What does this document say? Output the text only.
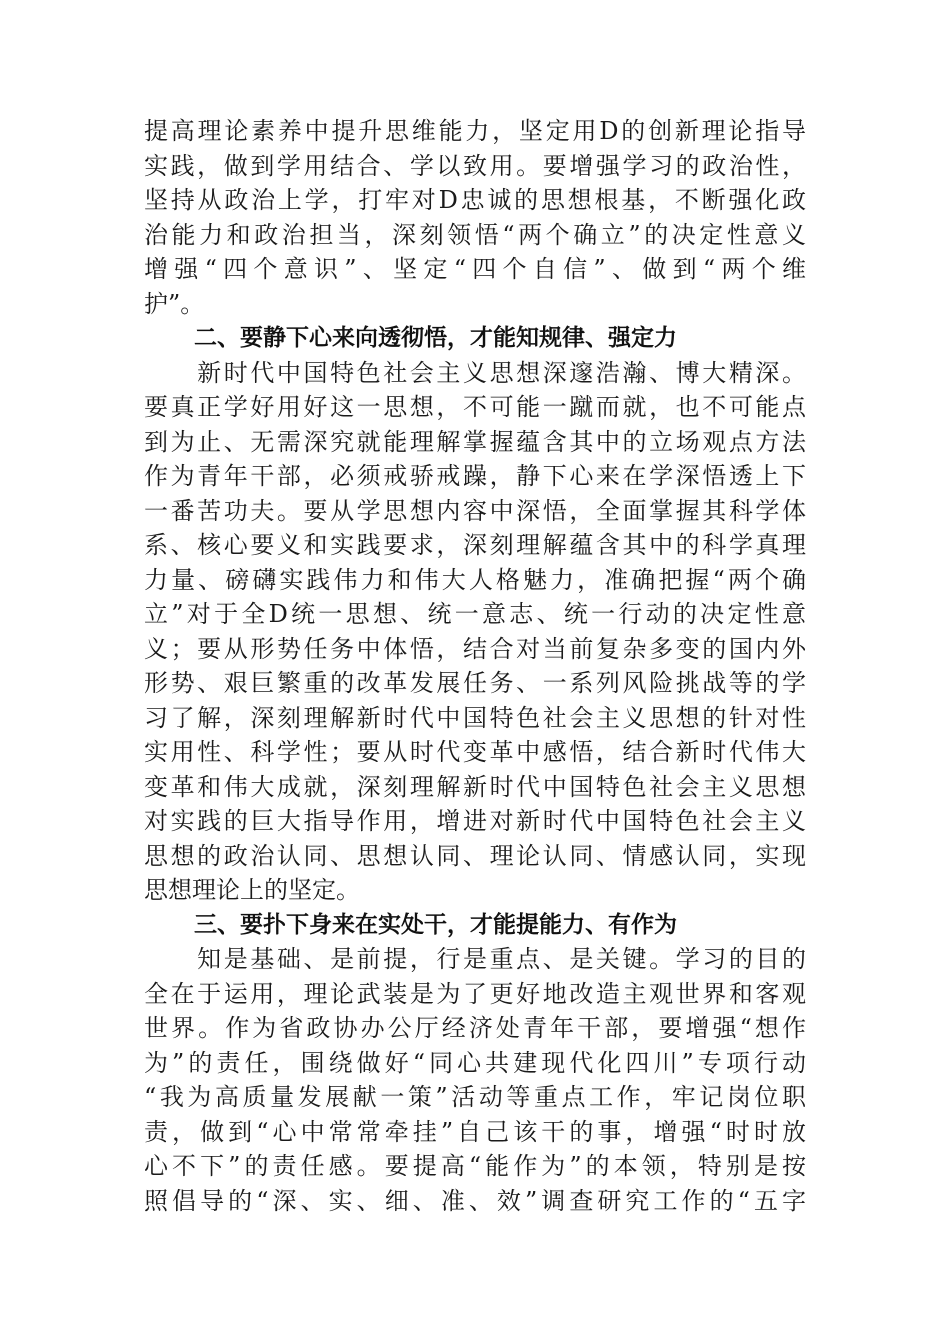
提高理论素养中提升思维能力，坚定用D的创新理论指导
实践，做到学用结合、学以致用。要增强学习的政治性，
坚持从政治上学，打牢对D忠诚的思想根基，不断强化政
治能力和政治担当，深刻领悟“两个确立”的决定性意义
增强“四个意识”、坚定“四个自信”、做到“两个维
护”。
二、要静下心来向透彻悟，才能知规律、强定力
　　新时代中国特色社会主义思想深邃浩瀚、博大精深。
要真正学好用好这一思想，不可能一蹴而就，也不可能点
到为止、无需深究就能理解掌握蕴含其中的立场观点方法
作为青年干部，必须戒骄戒躁，静下心来在学深悟透上下
一番苦功夫。要从学思想内容中深悟，全面掌握其科学体
系、核心要义和实践要求，深刻理解蕴含其中的科学真理
力量、磅礴实践伟力和伟大人格魅力，准确把握“两个确
立”对于全D统一思想、统一意志、统一行动的决定性意
义；要从形势任务中体悟，结合对当前复杂多变的国内外
形势、艰巨繁重的改革发展任务、一系列风险挑战等的学
习了解，深刻理解新时代中国特色社会主义思想的针对性
实用性、科学性；要从时代变革中感悟，结合新时代伟大
变革和伟大成就，深刻理解新时代中国特色社会主义思想
对实践的巨大指导作用，增进对新时代中国特色社会主义
思想的政治认同、思想认同、理论认同、情感认同，实现
思想理论上的坚定。
三、要扑下身来在实处干，才能提能力、有作为
　　知是基础、是前提，行是重点、是关键。学习的目的
全在于运用，理论武装是为了更好地改造主观世界和客观
世界。作为省政协办公厅经济处青年干部，要增强“想作
为”的责任，围绕做好“同心共建现代化四川”专项行动
“我为高质量发展献一策”活动等重点工作，牢记岗位职
责，做到“心中常常牵挂”自己该干的事，增强“时时放
心不下”的责任感。要提高“能作为”的本领，特别是按
照倡导的“深、实、细、准、效”调查研究工作的“五字
